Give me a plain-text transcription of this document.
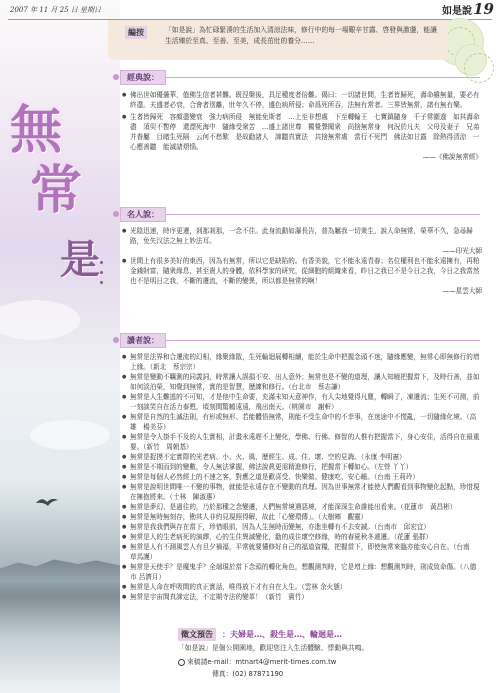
無
常
是
2007 年 11 月 25 日 星期日	如是說 19
編按	「如是說」為忙碌緊湊的生活加入清涼法味，修行中的每一場艱辛甘露、啓發與激盪，能讓生活臻於至真、至善、至美，成長茁壯的養分……
經典說：

● 佛出世如優曇華，值佛生信者甚難。既涅槃後，具足種度者倍難。偈曰：一切諸世間，生者皆歸死，壽命雖無量，要必有終盡。夫盛者必衰，合會者別離，壯年久不停，盛色病所侵；命爲死所吞，法無有常者。三界皆無常，諸有無有樂。

● 生者皆歸死　容顏盡變衰　強力病所侵　無能免斯者　…上至非想處　下至轉輪王　七寶鎮隨身　千子常圍遶　如其壽命盡　須臾不暫停　還漂死海中　隨緣受衆苦　…盛上諸世尊　獨覺聲聞衆　尚捨無常身　何況於凡夫　父母及妻子　兄弟并眷屬　目睹生死隔　云何不愁歎　是故勸諸人　諦聽真實法　共捨無常處　當行不死門　佛法如甘露　除熱得清涼　一心應善聽　能滅諸煩惱。

——《佛說無常經》

名人說：

● 光陰迅速，時序更遷，剎那剎那，一念不住。此身流動如瀑長告，普為屬我一切衆生，說人命無常，榮華不久，急尋歸路，免失汉法之無上妙法耳。

——印光大師

● 世間上有很多美好的東西，因為有無常，所以它是缺陷的。有香美貌，它不能永遠青春；名位權利也不能永遠擁有，再粕金錢財富，隨衆緣息，甚至貴人的身體，依科學家的研究，從細胞的組織來看，昨日之我已不是今日之我，今日之我當然也不是明日之我，不斷的遷流，不斷的變異，所以都是無常的啊！

——星雲大師

讀者說：

● 無常是法界和合遷流的幻相，緣聚緣散，生死輪迴展轉相續，能於生命中把握念頭不迷，隨緣應變，無常心即無修行的增上緣。（新北　蔡宗宗）

● 無常是變動不羈測的同義詞，時常讓人誤損不安、出人意外；無常也是不變的道理，讓人知曉把握當下，及時行善，並如如何淡泊榮，知覺到無常，實的是智慧，歷練和修行。（台北市　蔡志謙）

● 無常是人生難逃的不可知，才是他中生命要，充滿未知天意神作，有人尖地覺得凡塵，轉瞬了，凍遷流；生死不可測，前一刻談笑自在活力泰甦，頃刻間驚鶴遠遠，飛出南天。（桃園市　謝軒）

● 無常是自然的生滅法則，有形或無形、若能體悟無常，則能不受生命中的不幸事，在迷途中不慌亂，一切隨緣化境。（高雄　楊美芬）

● 無常是令人掛手不及的人生實相，計畫永遠趕不上變化，學佛、行佛、修智的人惟有把握當下，身心安住，活得自在最重要。（新竹　周朝基）

● 無常是捉摸不定實際的光老病、小、火、風，歷經生、成、住、壞、空的見誨。（永康 李明憲）

● 無常是不期而到的變數，令人無法掌握，佛法說眞更需精進修行，把握當下轉如心。（左營 丫丫）

● 無常是每個人必然經上的不速之客，對應之道是歡喜受、快樂做、健康吃、安心睡。（台南 王莉玲）

● 無常是說明世間唯一不變的事物，就能是永遠存在不變動的真理。因為世事無常才能使人們觀看到事物變化起點，珍惜現在擁抱將來。（土林　陳淑惠）

● 無常是夢幻、是過往的，乃於那種之念變遷，人們無常境遇惡境，才能深深生命誰能出看來。（花蓮市　黃昌彬）

● 無常是無時無刻存，勘其人非約見現照得解，故此「心變環傳」。（大樹鄉　觀靈）

● 無常是我我們與存在當下，珍惜眼前，因為人生無時而變無，亦進坐轉有不去安誠。（台南市　邱宏宜）

● 無常是人的生老病死的演繹，心的生住異滅變化，勸的成住壞空修緣，時的春夏秋冬遞遷。（花蓮 張群）

● 無常是人有不測風雲人有旦夕禍福，平常就要懂修好自己的福道資糧，把握當下，即使無常來臨亦能安心自在。（台南　草馬護）

● 無常是天使手？是魔鬼手？全端現於當下念頭的轉化角色，想觀測判時，它是增上緣：想觀測判時，則成致命傷。（八德市 呂濟月）

● 無常是人命在呼吸間的真正實話，唯得放下才有自在人生。（雲林 余火態）

● 無常是宇宙間真諦定法，不定期寺法的變革！（新竹　賓竹）

徵文預告	：夫婦是…、殺生是…、輪迴是…
「如是說」是個公開園地，歡迎您注入生活體驗、悸動與共鳴。
來稿請e-mail：mtnart4@merit-times.com.tw
傳真：(02) 87871190
